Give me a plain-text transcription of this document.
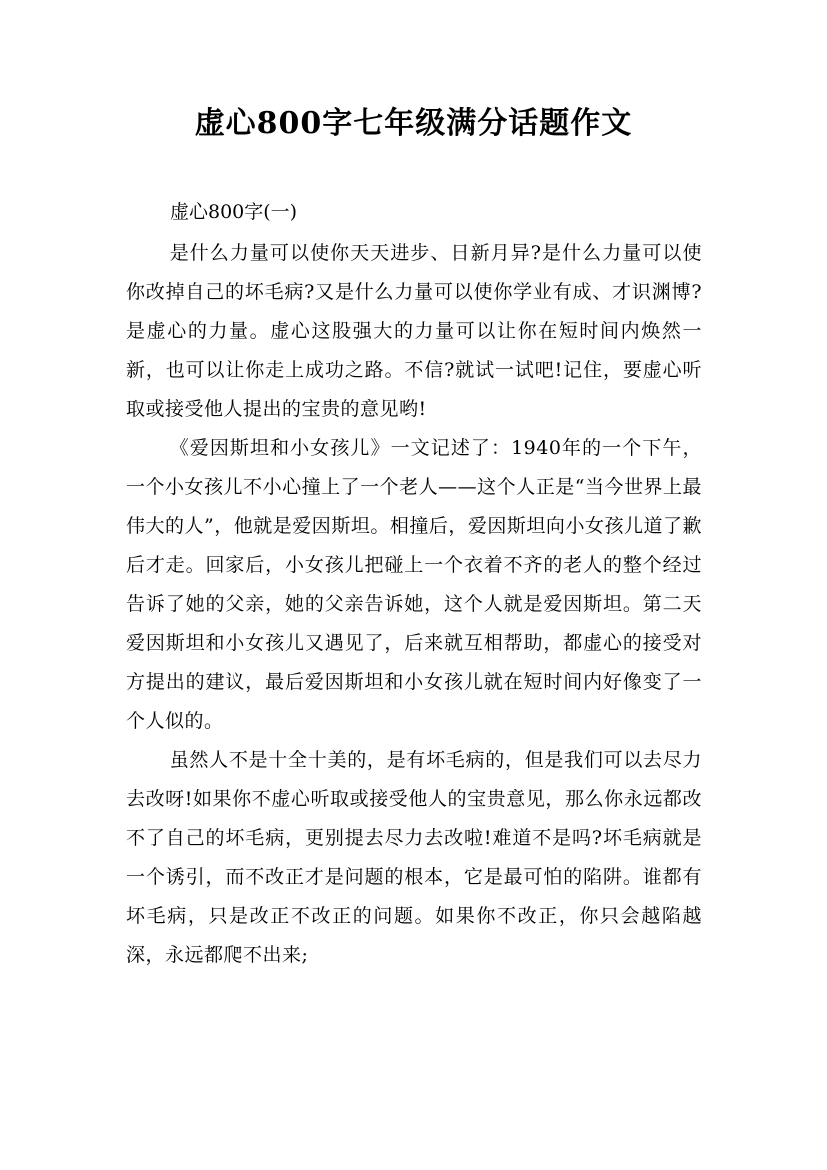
虚心800字七年级满分话题作文

虚心800字(一)

是什么力量可以使你天天进步、日新月异?是什么力量可以使你改掉自己的坏毛病?又是什么力量可以使你学业有成、才识渊博?是虚心的力量。虚心这股强大的力量可以让你在短时间内焕然一新，也可以让你走上成功之路。不信?就试一试吧!记住，要虚心听取或接受他人提出的宝贵的意见哟!

《爱因斯坦和小女孩儿》一文记述了：1940年的一个下午，一个小女孩儿不小心撞上了一个老人——这个人正是“当今世界上最伟大的人”，他就是爱因斯坦。相撞后，爱因斯坦向小女孩儿道了歉后才走。回家后，小女孩儿把碰上一个衣着不齐的老人的整个经过告诉了她的父亲，她的父亲告诉她，这个人就是爱因斯坦。第二天爱因斯坦和小女孩儿又遇见了，后来就互相帮助，都虚心的接受对方提出的建议，最后爱因斯坦和小女孩儿就在短时间内好像变了一个人似的。

虽然人不是十全十美的，是有坏毛病的，但是我们可以去尽力去改呀!如果你不虚心听取或接受他人的宝贵意见，那么你永远都改不了自己的坏毛病，更别提去尽力去改啦!难道不是吗?坏毛病就是一个诱引，而不改正才是问题的根本，它是最可怕的陷阱。谁都有坏毛病，只是改正不改正的问题。如果你不改正，你只会越陷越深，永远都爬不出来;
